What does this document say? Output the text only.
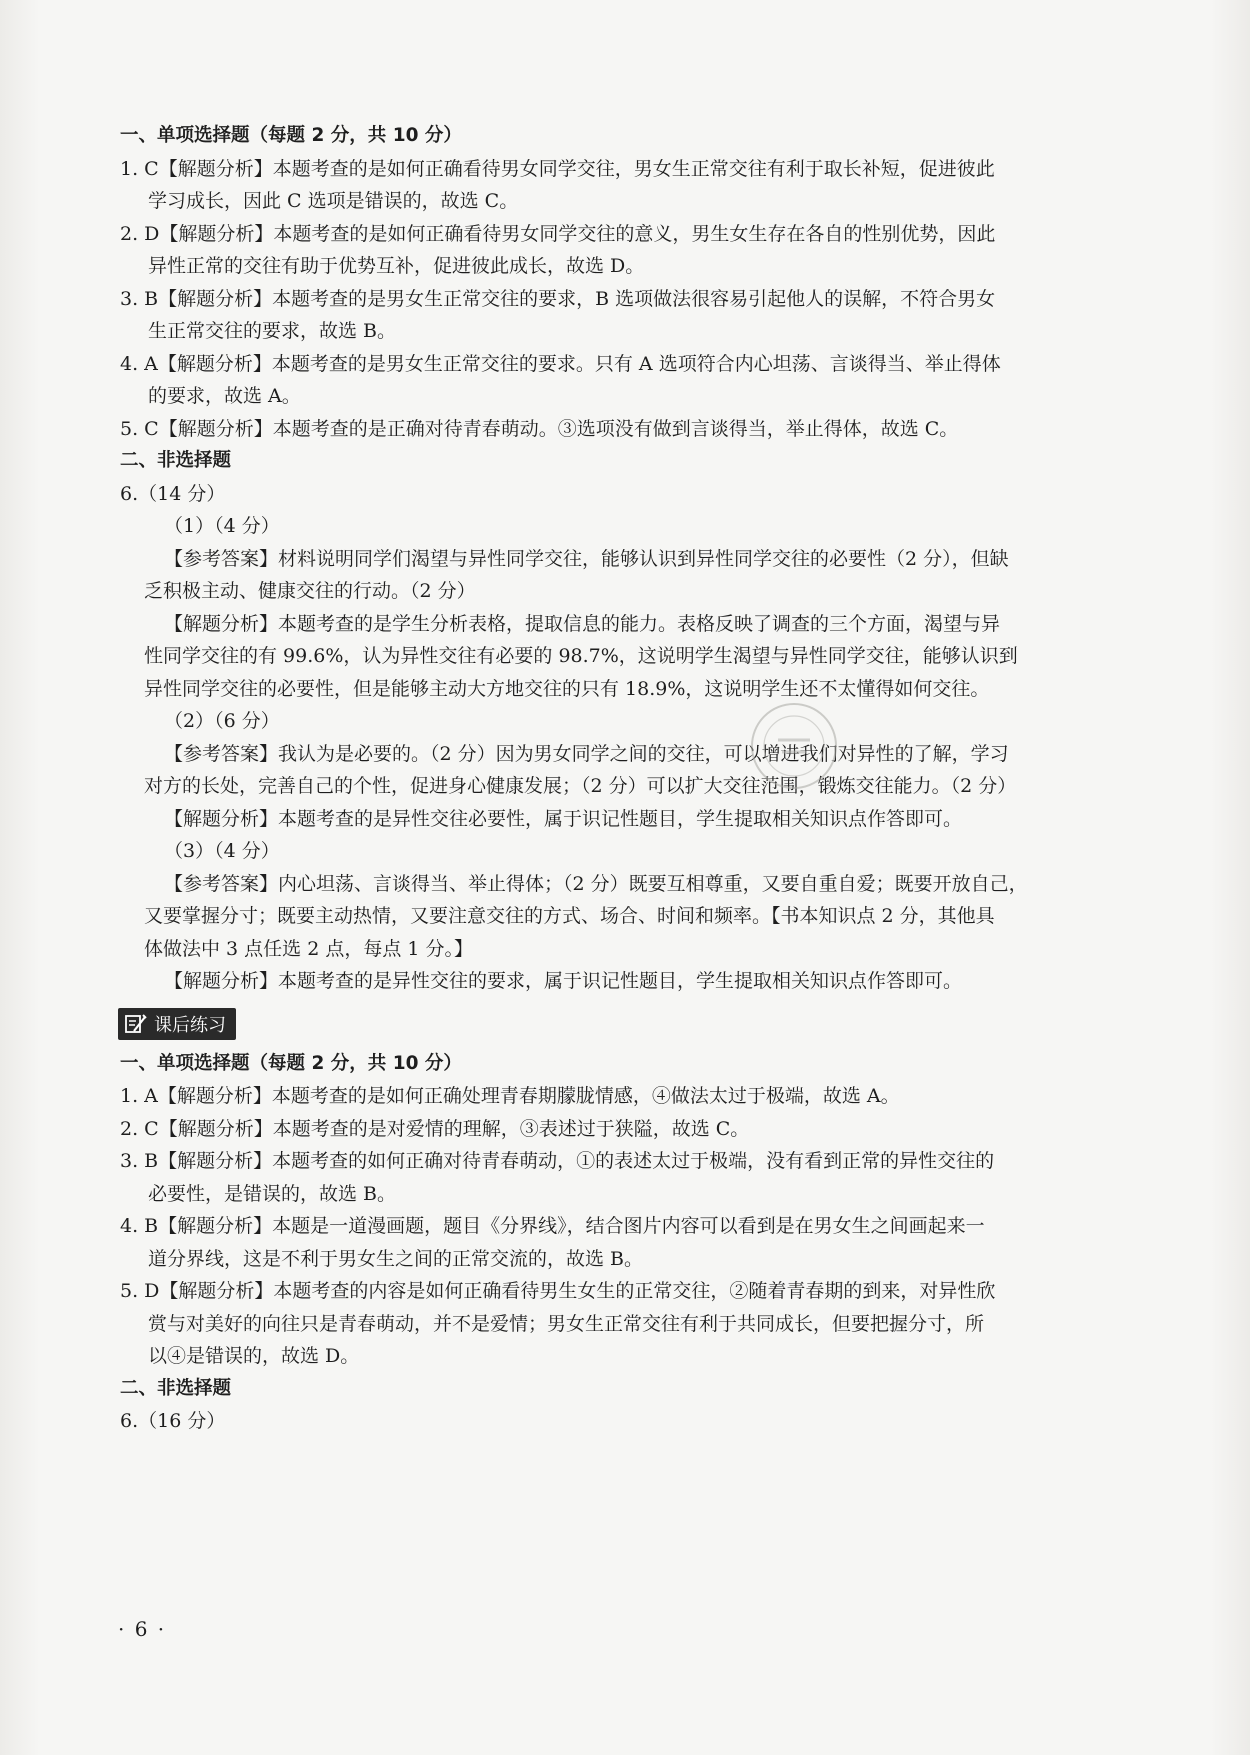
一、单项选择题（每题 2 分，共 10 分）
1. C【解题分析】本题考查的是如何正确看待男女同学交往，男女生正常交往有利于取长补短，促进彼此
学习成长，因此 C 选项是错误的，故选 C。
2. D【解题分析】本题考查的是如何正确看待男女同学交往的意义，男生女生存在各自的性别优势，因此
异性正常的交往有助于优势互补，促进彼此成长，故选 D。
3. B【解题分析】本题考查的是男女生正常交往的要求，B 选项做法很容易引起他人的误解，不符合男女
生正常交往的要求，故选 B。
4. A【解题分析】本题考查的是男女生正常交往的要求。只有 A 选项符合内心坦荡、言谈得当、举止得体
的要求，故选 A。
5. C【解题分析】本题考查的是正确对待青春萌动。③选项没有做到言谈得当，举止得体，故选 C。
二、非选择题
6.（14 分）
（1）（4 分）
【参考答案】材料说明同学们渴望与异性同学交往，能够认识到异性同学交往的必要性（2 分），但缺
乏积极主动、健康交往的行动。（2 分）
【解题分析】本题考查的是学生分析表格，提取信息的能力。表格反映了调查的三个方面，渴望与异
性同学交往的有 99.6%，认为异性交往有必要的 98.7%，这说明学生渴望与异性同学交往，能够认识到
异性同学交往的必要性，但是能够主动大方地交往的只有 18.9%，这说明学生还不太懂得如何交往。
（2）（6 分）
【参考答案】我认为是必要的。（2 分）因为男女同学之间的交往，可以增进我们对异性的了解，学习
对方的长处，完善自己的个性，促进身心健康发展；（2 分）可以扩大交往范围，锻炼交往能力。（2 分）
【解题分析】本题考查的是异性交往必要性，属于识记性题目，学生提取相关知识点作答即可。
（3）（4 分）
【参考答案】内心坦荡、言谈得当、举止得体；（2 分）既要互相尊重，又要自重自爱；既要开放自己，
又要掌握分寸；既要主动热情，又要注意交往的方式、场合、时间和频率。【书本知识点 2 分，其他具
体做法中 3 点任选 2 点，每点 1 分。】
【解题分析】本题考查的是异性交往的要求，属于识记性题目，学生提取相关知识点作答即可。
课后练习
一、单项选择题（每题 2 分，共 10 分）
1. A【解题分析】本题考查的是如何正确处理青春期朦胧情感，④做法太过于极端，故选 A。
2. C【解题分析】本题考查的是对爱情的理解，③表述过于狭隘，故选 C。
3. B【解题分析】本题考查的如何正确对待青春萌动，①的表述太过于极端，没有看到正常的异性交往的
必要性，是错误的，故选 B。
4. B【解题分析】本题是一道漫画题，题目《分界线》，结合图片内容可以看到是在男女生之间画起来一
道分界线，这是不利于男女生之间的正常交流的，故选 B。
5. D【解题分析】本题考查的内容是如何正确看待男生女生的正常交往，②随着青春期的到来，对异性欣
赏与对美好的向往只是青春萌动，并不是爱情；男女生正常交往有利于共同成长，但要把握分寸，所
以④是错误的，故选 D。
二、非选择题
6.（16 分）
· 6 ·
